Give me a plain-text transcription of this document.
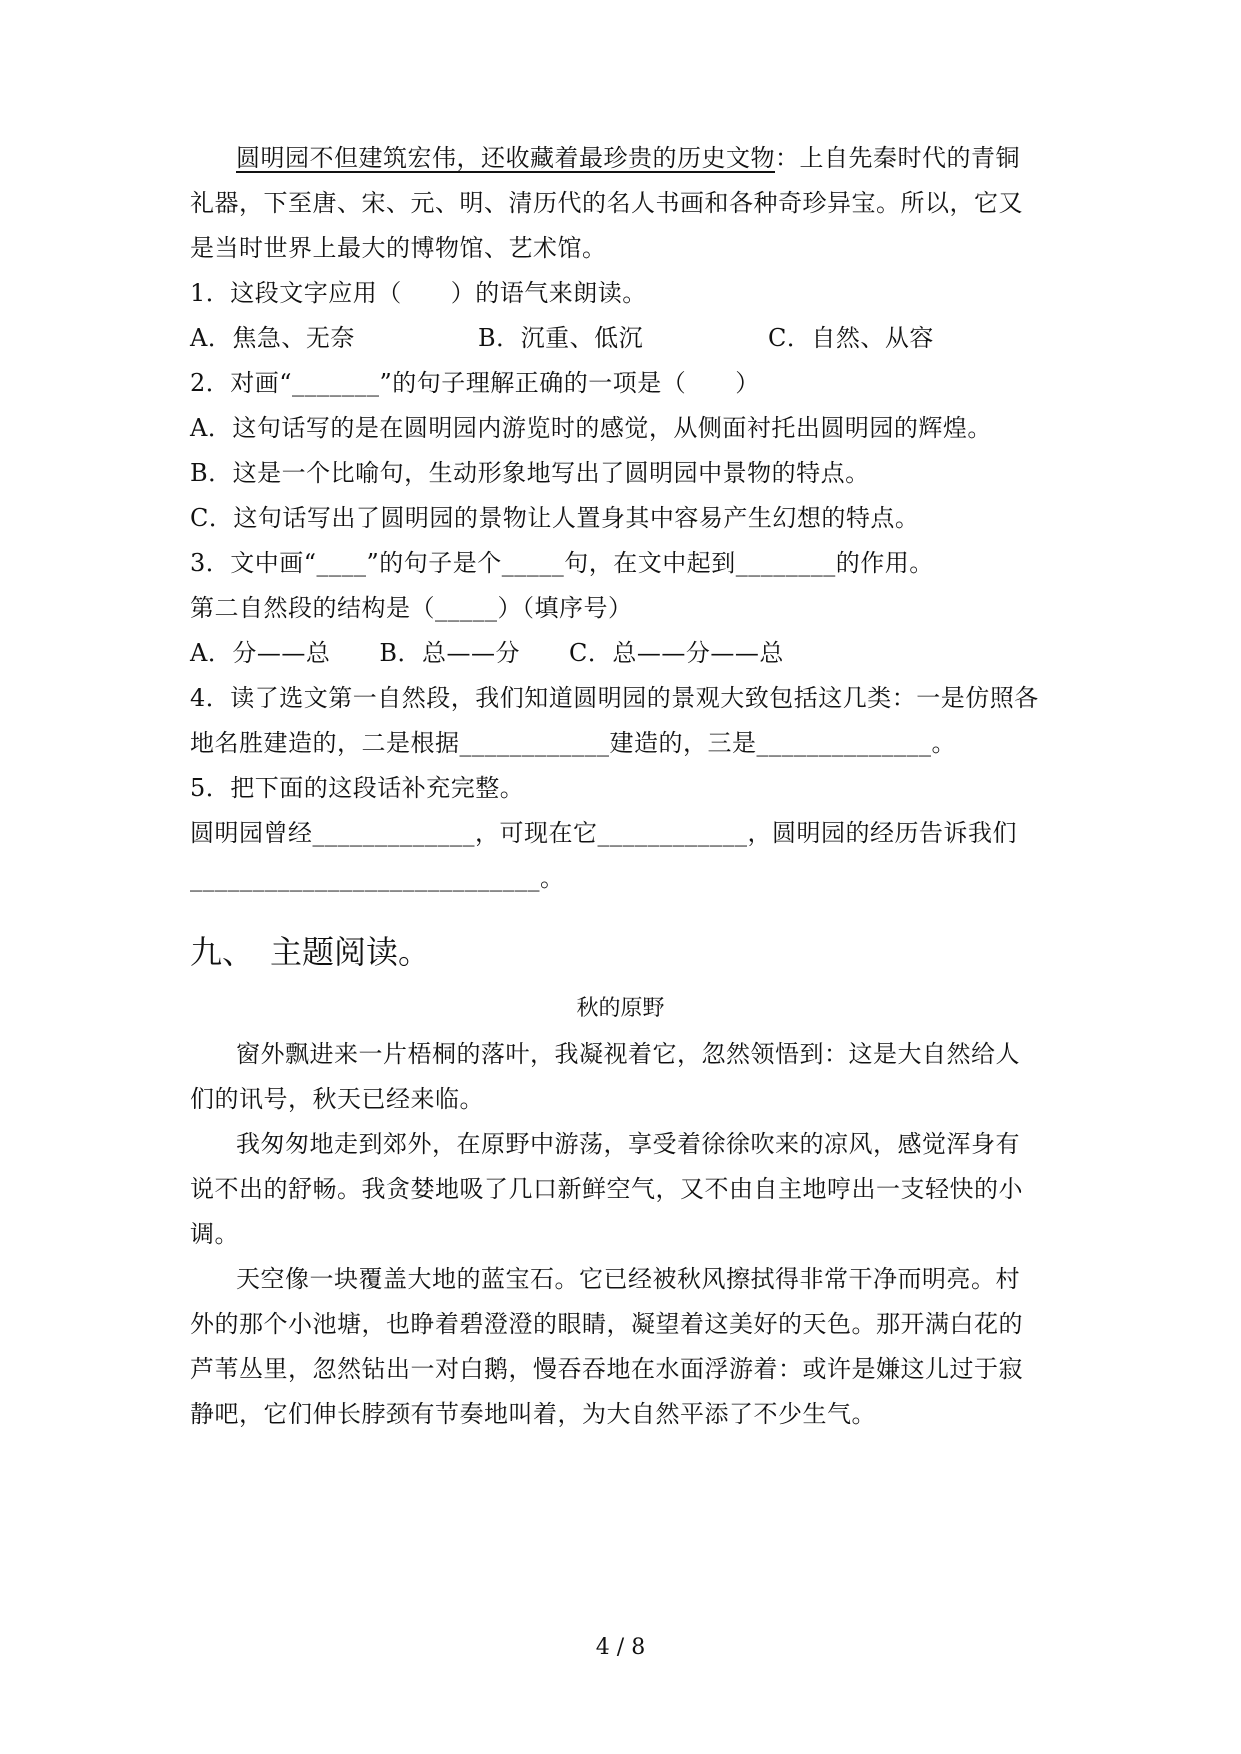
圆明园不但建筑宏伟，还收藏着最珍贵的历史文物：上自先秦时代的青铜
礼器，下至唐、宋、元、明、清历代的名人书画和各种奇珍异宝。所以，它又
是当时世界上最大的博物馆、艺术馆。
1．这段文字应用（　　）的语气来朗读。
A．焦急、无奈	B．沉重、低沉	C．自然、从容
2．对画“_______”的句子理解正确的一项是（　　）
A．这句话写的是在圆明园内游览时的感觉，从侧面衬托出圆明园的辉煌。
B．这是一个比喻句，生动形象地写出了圆明园中景物的特点。
C．这句话写出了圆明园的景物让人置身其中容易产生幻想的特点。
3．文中画“____”的句子是个_____句，在文中起到________的作用。
第二自然段的结构是（_____）（填序号）
A．分——总　　B．总——分　　C．总——分——总
4．读了选文第一自然段，我们知道圆明园的景观大致包括这几类：一是仿照各
地名胜建造的，二是根据____________建造的，三是______________。
5．把下面的这段话补充完整。
圆明园曾经_____________，可现在它____________，圆明园的经历告诉我们
____________________________。
九、　主题阅读。
秋的原野
窗外飘进来一片梧桐的落叶，我凝视着它，忽然领悟到：这是大自然给人
们的讯号，秋天已经来临。
我匆匆地走到郊外，在原野中游荡，享受着徐徐吹来的凉风，感觉浑身有
说不出的舒畅。我贪婪地吸了几口新鲜空气，又不由自主地哼出一支轻快的小
调。
天空像一块覆盖大地的蓝宝石。它已经被秋风擦拭得非常干净而明亮。村
外的那个小池塘，也睁着碧澄澄的眼睛，凝望着这美好的天色。那开满白花的
芦苇丛里，忽然钻出一对白鹅，慢吞吞地在水面浮游着：或许是嫌这儿过于寂
静吧，它们伸长脖颈有节奏地叫着，为大自然平添了不少生气。
4 / 8
